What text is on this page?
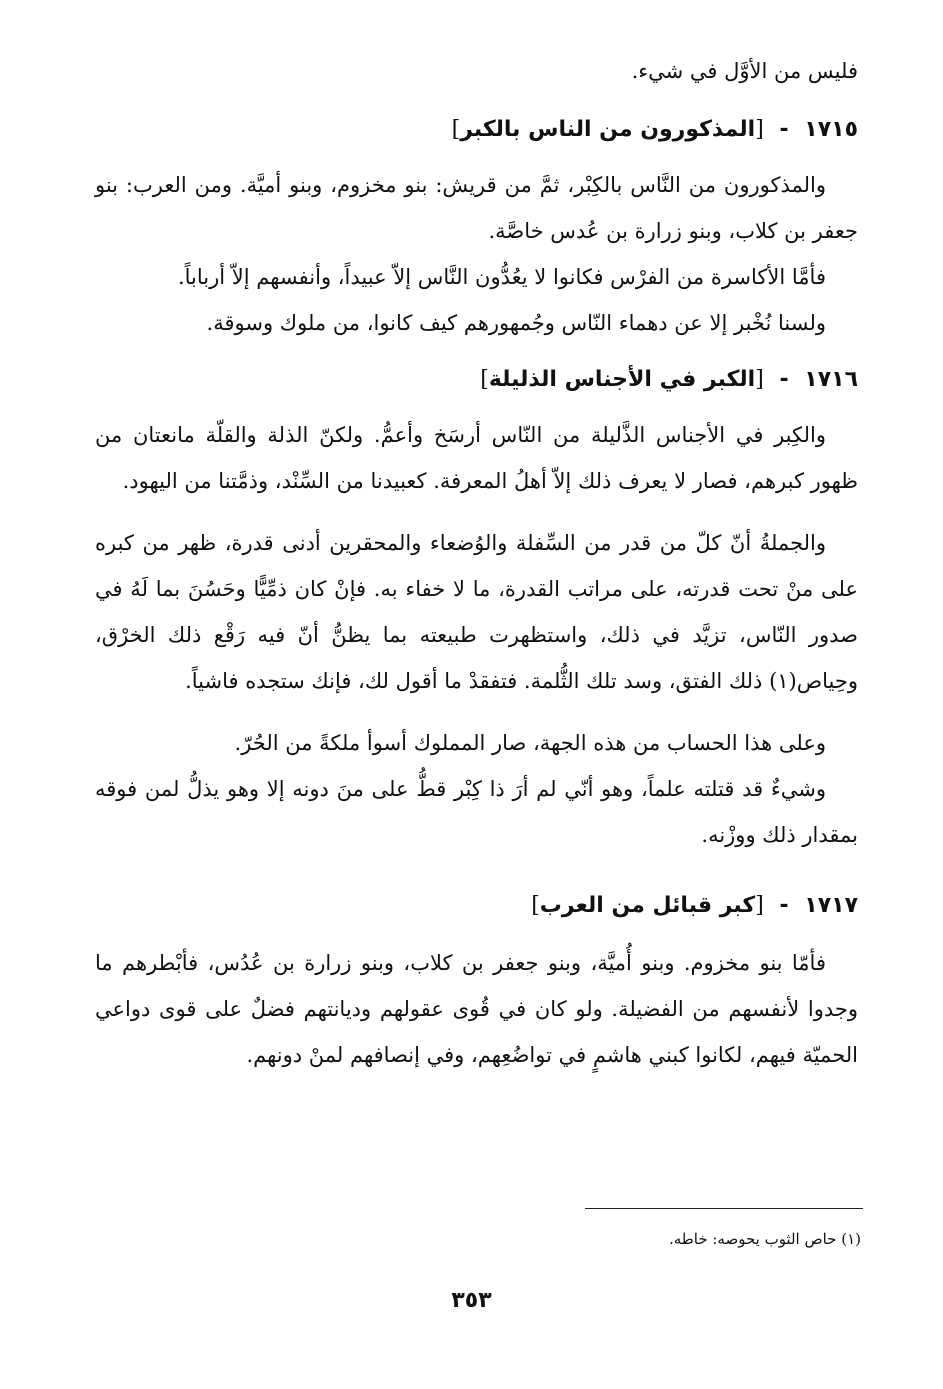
فليس من الأوَّل في شيء.

١٧١٥ - [المذكورون من الناس بالكبر]

والمذكورون من النَّاس بالكِبْر، ثمَّ من قريش: بنو مخزوم، وبنو أميَّة. ومن العرب: بنو جعفر بن كلاب، وبنو زرارة بن عُدس خاصَّة.

فأمَّا الأكاسرة من الفرْس فكانوا لا يعُدُّون النَّاس إلاّ عبيداً، وأنفسهم إلاّ أرباباً.

ولسنا نُخْبر إلا عن دهماء النّاس وجُمهورهم كيف كانوا، من ملوك وسوقة.

١٧١٦ - [الكبر في الأجناس الذليلة]

والكِبر في الأجناس الذَّليلة من النّاس أرسَخ وأعمُّ. ولكنّ الذلة والقلّة مانعتان من ظهور كبرهم، فصار لا يعرف ذلك إلاّ أهلُ المعرفة. كعبيدنا من السِّنْد، وذمَّتنا من اليهود.

والجملةُ أنّ كلّ من قدر من السِّفلة والوُضعاء والمحقرين أدنى قدرة، ظهر من كبره على منْ تحت قدرته، على مراتب القدرة، ما لا خفاء به. فإنْ كان ذمِّيًّا وحَسُنَ بما لَهُ في صدور النّاس، تزيَّد في ذلك، واستظهرت طبيعته بما يظنُّ أنّ فيه رَقْع ذلك الخرْق، وحِياص(١) ذلك الفتق، وسد تلك الثُّلمة. فتفقدْ ما أقول لك، فإنك ستجده فاشياً.

وعلى هذا الحساب من هذه الجهة، صار المملوك أسوأ ملكةً من الحُرّ.

وشيءٌ قد قتلته علماً، وهو أنّي لم أرَ ذا كِبْر قطُّ على منَ دونه إلا وهو يذلُّ لمن فوقه بمقدار ذلك ووزْنه.

١٧١٧ - [كبر قبائل من العرب]

فأمّا بنو مخزوم. وبنو أُميَّة، وبنو جعفر بن كلاب، وبنو زرارة بن عُدُس، فأبْطرهم ما وجدوا لأنفسهم من الفضيلة. ولو كان في قُوى عقولهم وديانتهم فضلٌ على قوى دواعي الحميّة فيهم، لكانوا كبني هاشمٍ في تواضُعِهم، وفي إنصافهم لمنْ دونهم.

(١) حاص الثوب يحوصه: خاطه.
٣٥٣
